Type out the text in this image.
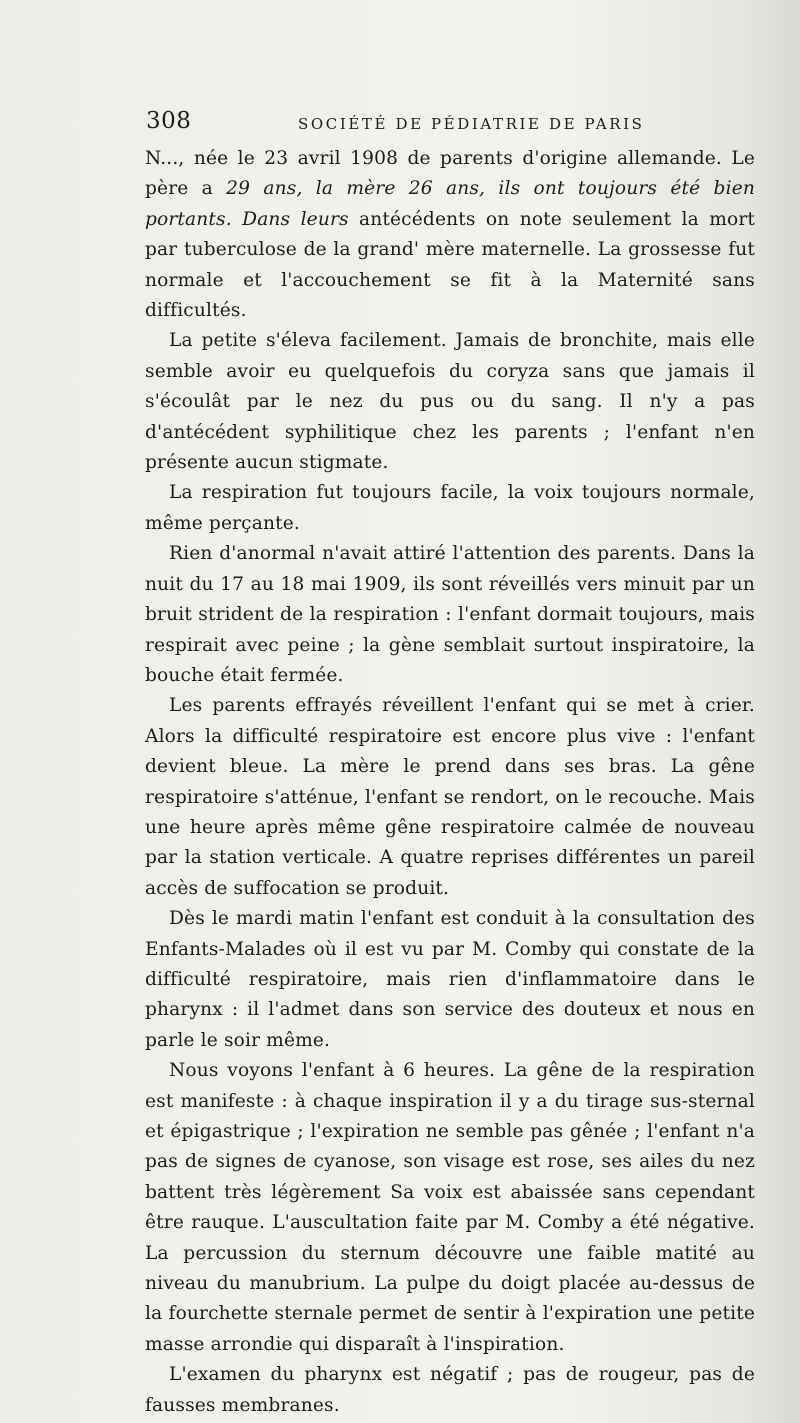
308	SOCIÉTÉ DE PÉDIATRIE DE PARIS

N..., née le 23 avril 1908 de parents d'origine allemande. Le père a 29 ans, la mère 26 ans, ils ont toujours été bien portants. Dans leurs antécédents on note seulement la mort par tuberculose de la grand' mère maternelle. La grossesse fut normale et l'accouchement se fit à la Maternité sans difficultés.

La petite s'éleva facilement. Jamais de bronchite, mais elle semble avoir eu quelquefois du coryza sans que jamais il s'écoulât par le nez du pus ou du sang. Il n'y a pas d'antécédent syphilitique chez les parents ; l'enfant n'en présente aucun stigmate.

La respiration fut toujours facile, la voix toujours normale, même perçante.

Rien d'anormal n'avait attiré l'attention des parents. Dans la nuit du 17 au 18 mai 1909, ils sont réveillés vers minuit par un bruit strident de la respiration : l'enfant dormait toujours, mais respirait avec peine ; la gène semblait surtout inspiratoire, la bouche était fermée.

Les parents effrayés réveillent l'enfant qui se met à crier. Alors la difficulté respiratoire est encore plus vive : l'enfant devient bleue. La mère le prend dans ses bras. La gêne respiratoire s'atténue, l'enfant se rendort, on le recouche. Mais une heure après même gêne respiratoire calmée de nouveau par la station verticale. A quatre reprises différentes un pareil accès de suffocation se produit.

Dès le mardi matin l'enfant est conduit à la consultation des Enfants-Malades où il est vu par M. Comby qui constate de la difficulté respiratoire, mais rien d'inflammatoire dans le pharynx : il l'admet dans son service des douteux et nous en parle le soir même.

Nous voyons l'enfant à 6 heures. La gêne de la respiration est manifeste : à chaque inspiration il y a du tirage sus-sternal et épigastrique ; l'expiration ne semble pas gênée ; l'enfant n'a pas de signes de cyanose, son visage est rose, ses ailes du nez battent très légèrement Sa voix est abaissée sans cependant être rauque. L'auscultation faite par M. Comby a été négative. La percussion du sternum découvre une faible matité au niveau du manubrium. La pulpe du doigt placée au-dessus de la fourchette sternale permet de sentir à l'expiration une petite masse arrondie qui disparaît à l'inspiration.

L'examen du pharynx est négatif ; pas de rougeur, pas de fausses membranes.
